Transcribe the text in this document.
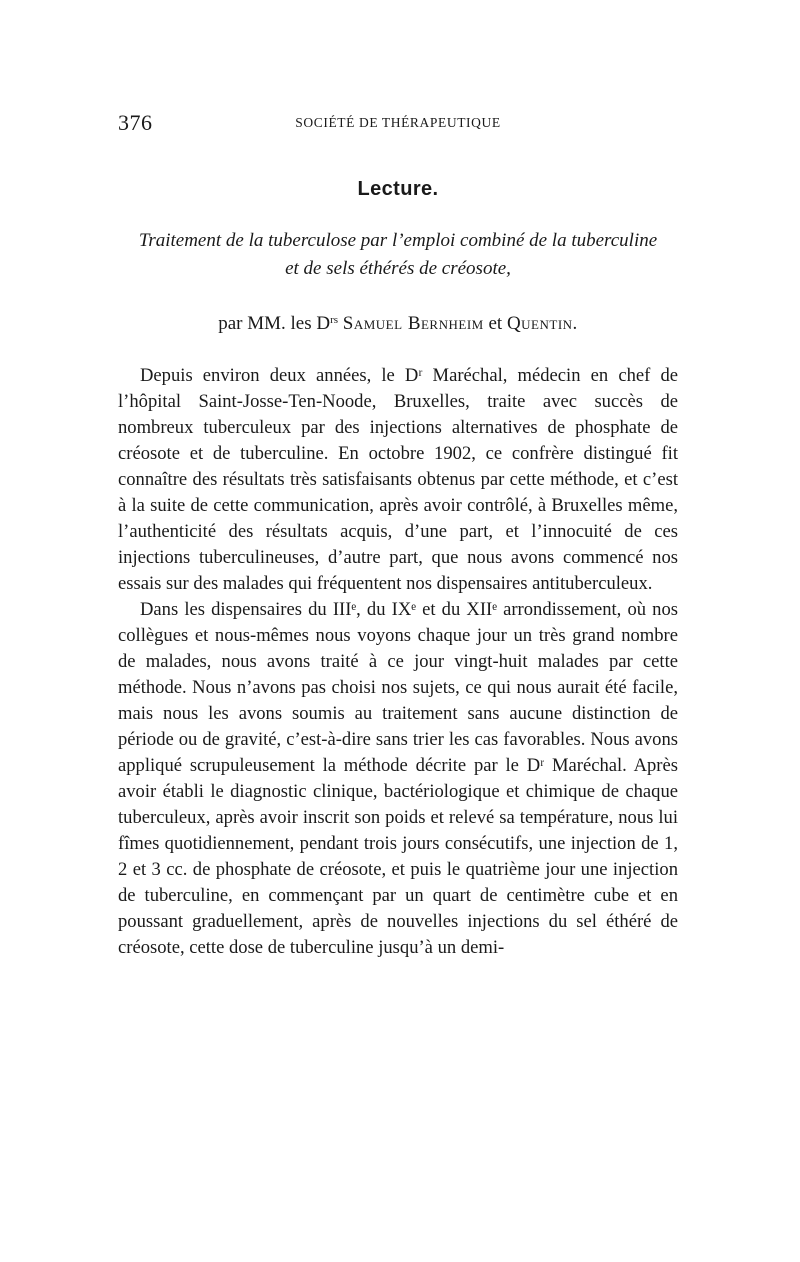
376	SOCIÉTÉ DE THÉRAPEUTIQUE
Lecture.
Traitement de la tuberculose par l’emploi combiné de la tuberculine
et de sels éthérés de créosote,
par MM. les $D^{rs}$ Samuel Bernheim et Quentin.

Depuis environ deux années, le Dʳ Maréchal, médecin en chef de l’hôpital Saint-Josse-Ten-Noode, Bruxelles, traite avec succès de nombreux tuberculeux par des injections alternatives de phosphate de créosote et de tuberculine. En octobre 1902, ce confrère distingué fit connaître des résultats très satisfaisants obtenus par cette méthode, et c’est à la suite de cette communication, après avoir contrôlé, à Bruxelles même, l’authenticité des résultats acquis, d’une part, et l’innocuité de ces injections tuberculineuses, d’autre part, que nous avons commencé nos essais sur des malades qui fréquentent nos dispensaires antituberculeux.

Dans les dispensaires du IIIᵉ, du IXᵉ et du XIIᵉ arrondissement, où nos collègues et nous-mêmes nous voyons chaque jour un très grand nombre de malades, nous avons traité à ce jour vingt-huit malades par cette méthode. Nous n’avons pas choisi nos sujets, ce qui nous aurait été facile, mais nous les avons soumis au traitement sans aucune distinction de période ou de gravité, c’est-à-dire sans trier les cas favorables. Nous avons appliqué scrupuleusement la méthode décrite par le Dʳ Maréchal. Après avoir établi le diagnostic clinique, bactériologique et chimique de chaque tuberculeux, après avoir inscrit son poids et relevé sa température, nous lui fîmes quotidiennement, pendant trois jours consécutifs, une injection de 1, 2 et 3 cc. de phosphate de créosote, et puis le quatrième jour une injection de tuberculine, en commençant par un quart de centimètre cube et en poussant graduellement, après de nouvelles injections du sel éthéré de créosote, cette dose de tuberculine jusqu’à un demi-
